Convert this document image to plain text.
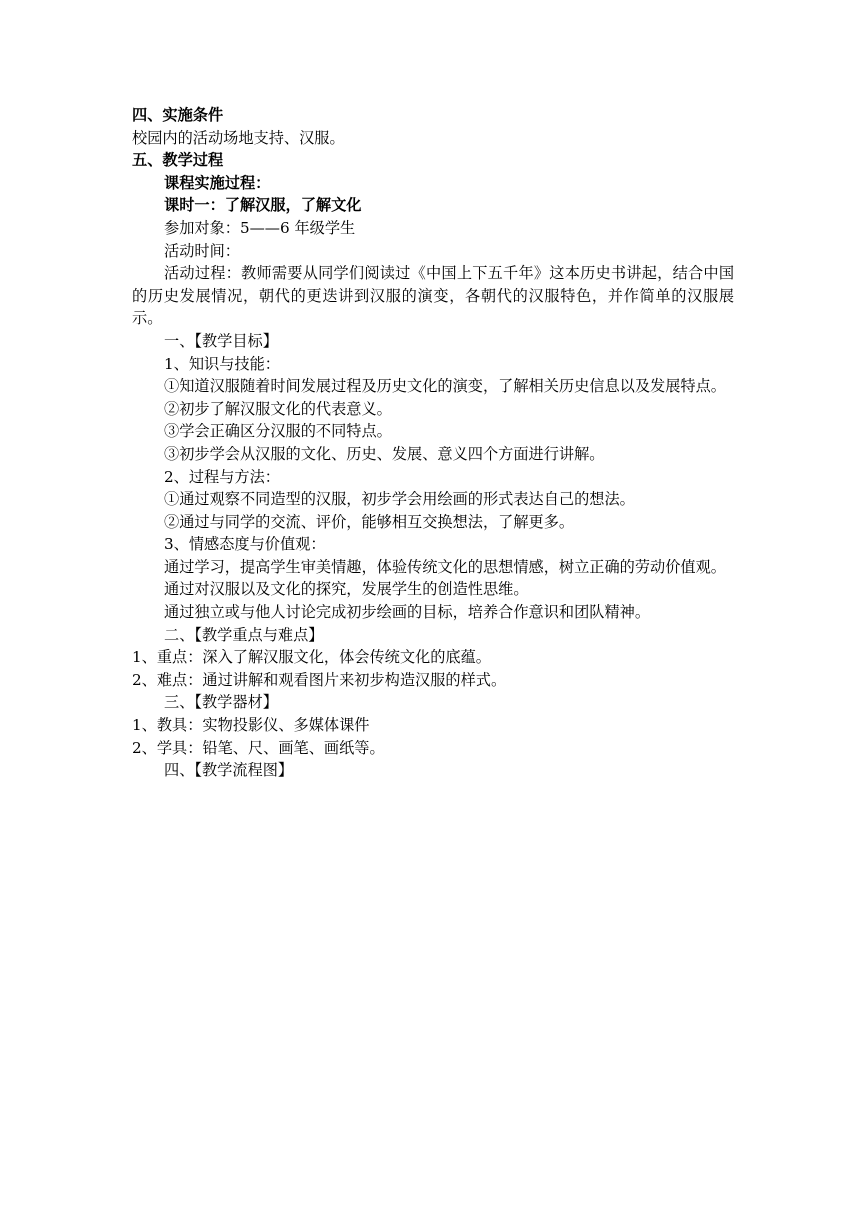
四、实施条件

校园内的活动场地支持、汉服。

五、教学过程

课程实施过程：

课时一：了解汉服，了解文化

参加对象：5——6 年级学生

活动时间：

活动过程：教师需要从同学们阅读过《中国上下五千年》这本历史书讲起，结合中国的历史发展情况，朝代的更迭讲到汉服的演变，各朝代的汉服特色，并作简单的汉服展示。

一、【教学目标】

1、知识与技能：

①知道汉服随着时间发展过程及历史文化的演变，了解相关历史信息以及发展特点。

②初步了解汉服文化的代表意义。

③学会正确区分汉服的不同特点。

③初步学会从汉服的文化、历史、发展、意义四个方面进行讲解。

2、过程与方法：

①通过观察不同造型的汉服，初步学会用绘画的形式表达自己的想法。

②通过与同学的交流、评价，能够相互交换想法，了解更多。

3、情感态度与价值观：

通过学习，提高学生审美情趣，体验传统文化的思想情感，树立正确的劳动价值观。

通过对汉服以及文化的探究，发展学生的创造性思维。

通过独立或与他人讨论完成初步绘画的目标，培养合作意识和团队精神。

二、【教学重点与难点】

1、重点：深入了解汉服文化，体会传统文化的底蕴。

2、难点：通过讲解和观看图片来初步构造汉服的样式。

三、【教学器材】

1、教具：实物投影仪、多媒体课件

2、学具：铅笔、尺、画笔、画纸等。

四、【教学流程图】
